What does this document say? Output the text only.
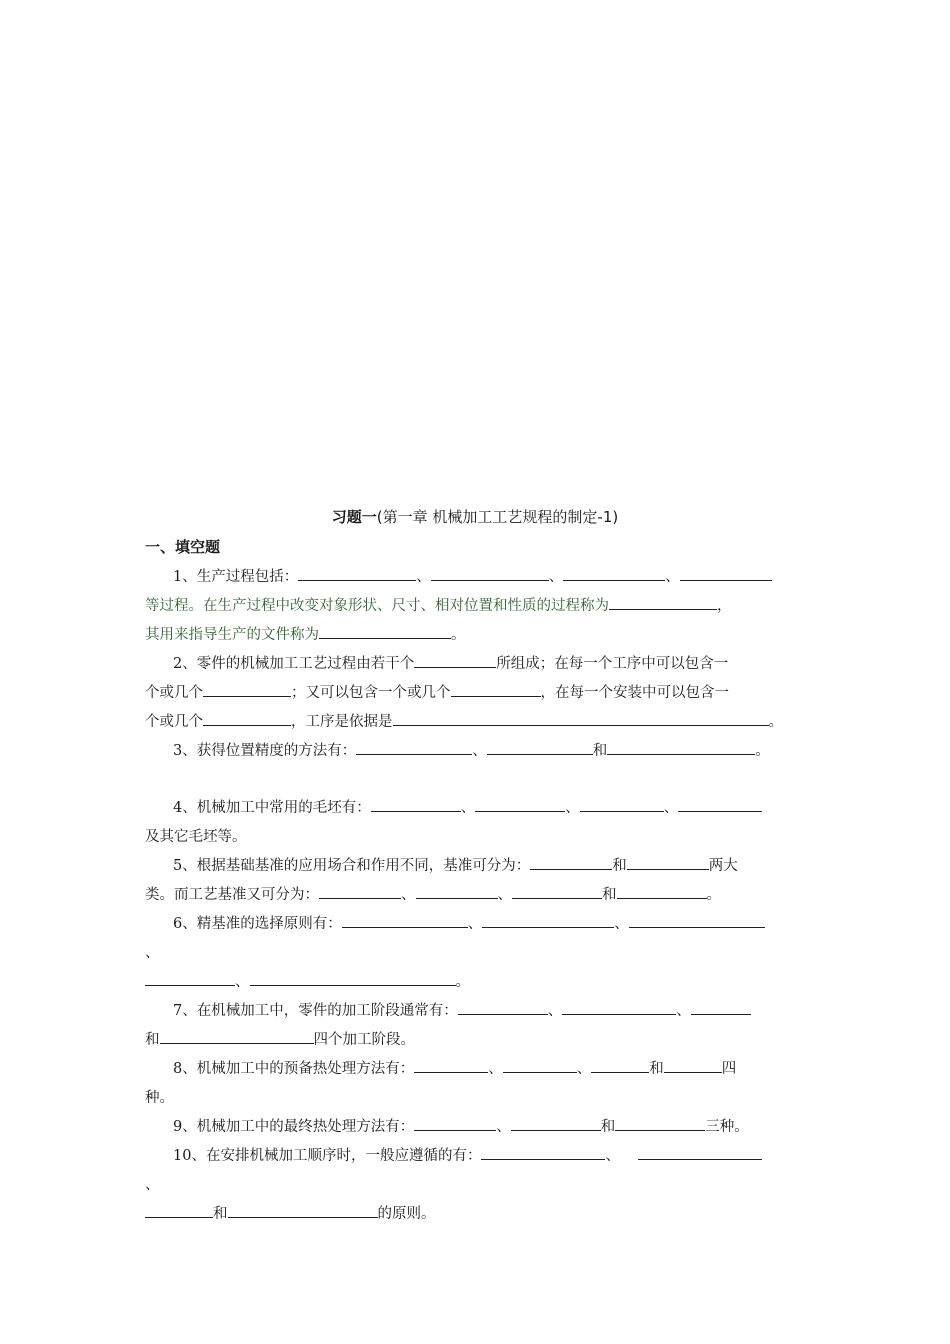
习题一(第一章 机械加工工艺规程的制定-1)
一、填空题
1、生产过程包括：	、	、	、
等过程。在生产过程中改变对象形状、尺寸、相对位置和性质的过程称为	，
其用来指导生产的文件称为	。
2、零件的机械加工工艺过程由若干个	所组成；在每一个工序中可以包含一
个或几个	；又可以包含一个或几个	，在每一个安装中可以包含一
个或几个	，工序是依据是	。
3、获得位置精度的方法有：	、	和	。
4、机械加工中常用的毛坯有：	、	、	、
及其它毛坯等。
5、根据基础基准的应用场合和作用不同，基准可分为：	和	两大
类。而工艺基准又可分为：	、	、	和	。
6、精基准的选择原则有：	、	、
、
、	。
7、在机械加工中，零件的加工阶段通常有：	、	、
和	四个加工阶段。
8、机械加工中的预备热处理方法有：	、	、	和	四
种。
9、机械加工中的最终热处理方法有：	、	和	三种。
10、在安排机械加工顺序时，一般应遵循的有：	、
、
和	的原则。
